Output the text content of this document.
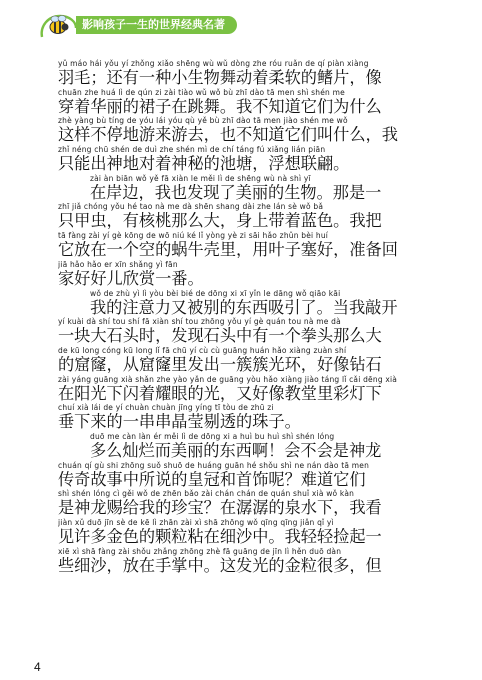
影响孩子一生的世界经典名著
yǔ máo hái yǒu yí zhǒng xiǎo shēng wù wǔ dòng zhe róu ruǎn de qí piàn xiàng
羽毛；还有一种小生物舞动着柔软的鳍片，像
chuān zhe huá lì de qún zi zài tiào wǔ wǒ bù zhī dào tā men shì shén me
穿着华丽的裙子在跳舞。我不知道它们为什么
zhè yàng bù tíng de yóu lái yóu qù yě bù zhī dào tā men jiào shén me wǒ
这样不停地游来游去，也不知道它们叫什么，我
zhǐ néng chū shén de duì zhe shén mì de chí táng fú xiǎng lián piān
只能出神地对着神秘的池塘，浮想联翩。
zài àn biān wǒ yě fā xiàn le měi lì de shēng wù nà shì yī
在岸边，我也发现了美丽的生物。那是一
zhī jiǎ chóng yǒu hé tao nà me dà shēn shang dài zhe lán sè wǒ bǎ
只甲虫，有核桃那么大，身上带着蓝色。我把
tā fàng zài yí gè kōng de wō niú ké lǐ yòng yè zi sāi hǎo zhǔn bèi huí
它放在一个空的蜗牛壳里，用叶子塞好，准备回
jiā hǎo hǎo er xīn shǎng yì fān
家好好儿欣赏一番。
wǒ de zhù yì lì yòu bèi bié de dōng xi xī yǐn le dāng wǒ qiāo kāi
我的注意力又被别的东西吸引了。当我敲开
yí kuài dà shí tou shí fā xiàn shí tou zhōng yǒu yí gè quán tou nà me dà
一块大石头时，发现石头中有一个拳头那么大
de kū long cóng kū long lǐ fā chū yí cù cù guāng huán hǎo xiàng zuàn shí
的窟窿，从窟窿里发出一簇簇光环，好像钻石
zài yáng guāng xià shǎn zhe yào yǎn de guāng yòu hǎo xiàng jiào táng lǐ cǎi dēng xià
在阳光下闪着耀眼的光，又好像教堂里彩灯下
chuí xià lái de yí chuàn chuàn jīng yíng tī tòu de zhū zi
垂下来的一串串晶莹剔透的珠子。
duō me càn làn ér měi lì de dōng xi a huì bu huì shì shén lóng
多么灿烂而美丽的东西啊！会不会是神龙
chuán qí gù shi zhōng suǒ shuō de huáng guān hé shǒu shì ne nán dào tā men
传奇故事中所说的皇冠和首饰呢？难道它们
shì shén lóng cì gěi wǒ de zhēn bǎo zài chán chán de quán shuǐ xià wǒ kàn
是神龙赐给我的珍宝？在潺潺的泉水下，我看
jiàn xǔ duō jīn sè de kē lì zhān zài xì shā zhōng wǒ qīng qīng jiǎn qǐ yì
见许多金色的颗粒粘在细沙中。我轻轻捡起一
xiē xì shā fàng zài shǒu zhǎng zhōng zhè fā guāng de jīn lì hěn duō dàn
些细沙，放在手掌中。这发光的金粒很多，但
4
